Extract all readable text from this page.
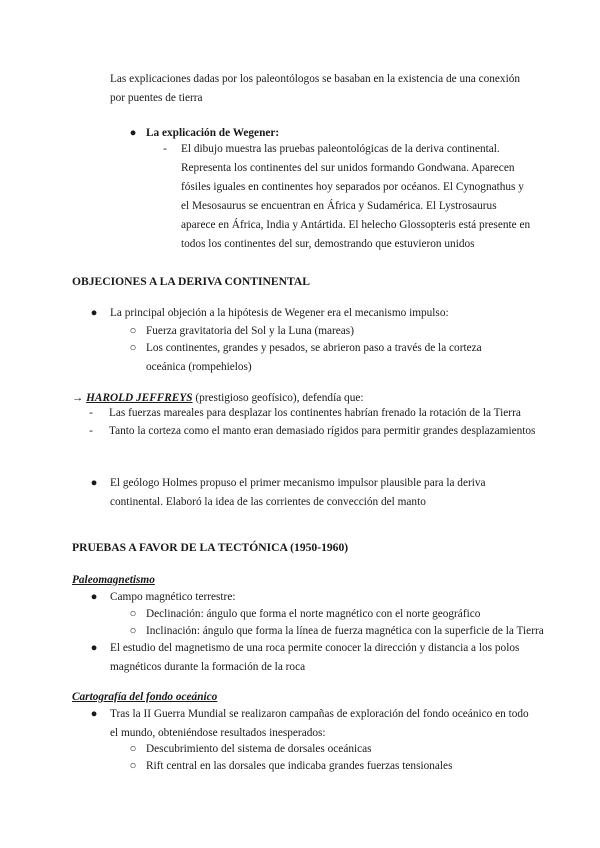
Las explicaciones dadas por los paleontólogos se basaban en la existencia de una conexión por puentes de tierra

● La explicación de Wegener:
-	El dibujo muestra las pruebas paleontológicas de la deriva continental. Representa los continentes del sur unidos formando Gondwana. Aparecen fósiles iguales en continentes hoy separados por océanos. El Cynognathus y el Mesosaurus se encuentran en África y Sudamérica. El Lystrosaurus aparece en África, India y Antártida. El helecho Glossopteris está presente en todos los continentes del sur, demostrando que estuvieron unidos

OBJECIONES A LA DERIVA CONTINENTAL
●	La principal objeción a la hipótesis de Wegener era el mecanismo impulso:
○ Fuerza gravitatoria del Sol y la Luna (mareas)
○ Los continentes, grandes y pesados, se abrieron paso a través de la corteza oceánica (rompehielos)

→ HAROLD JEFFREYS (prestigioso geofísico), defendía que:
-	Las fuerzas mareales para desplazar los continentes habrían frenado la rotación de la Tierra
-	Tanto la corteza como el manto eran demasiado rígidos para permitir grandes desplazamientos
●	El geólogo Holmes propuso el primer mecanismo impulsor plausible para la deriva continental. Elaboró la idea de las corrientes de convección del manto

PRUEBAS A FAVOR DE LA TECTÓNICA (1950-1960)
Paleomagnetismo
●	Campo magnético terrestre:
○ Declinación: ángulo que forma el norte magnético con el norte geográfico
○ Inclinación: ángulo que forma la línea de fuerza magnética con la superficie de la Tierra
●	El estudio del magnetismo de una roca permite conocer la dirección y distancia a los polos magnéticos durante la formación de la roca

Cartografía del fondo oceánico
●	Tras la II Guerra Mundial se realizaron campañas de exploración del fondo oceánico en todo el mundo, obteniéndose resultados inesperados:

○ Descubrimiento del sistema de dorsales oceánicas
○ Rift central en las dorsales que indicaba grandes fuerzas tensionales
